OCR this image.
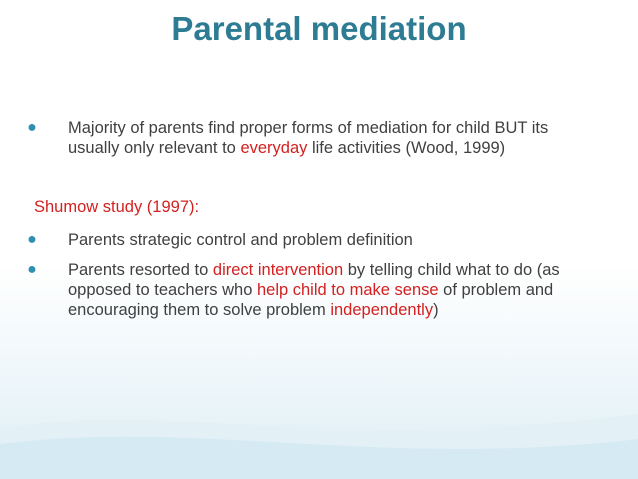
Parental mediation
●	Majority of parents find proper forms of mediation for child BUT its usually only relevant to everyday life activities (Wood, 1999)
Shumow study (1997):
●	Parents strategic control and problem definition
●	Parents resorted to direct intervention by telling child what to do (as opposed to teachers who help child to make sense of problem and encouraging them to solve problem independently)
